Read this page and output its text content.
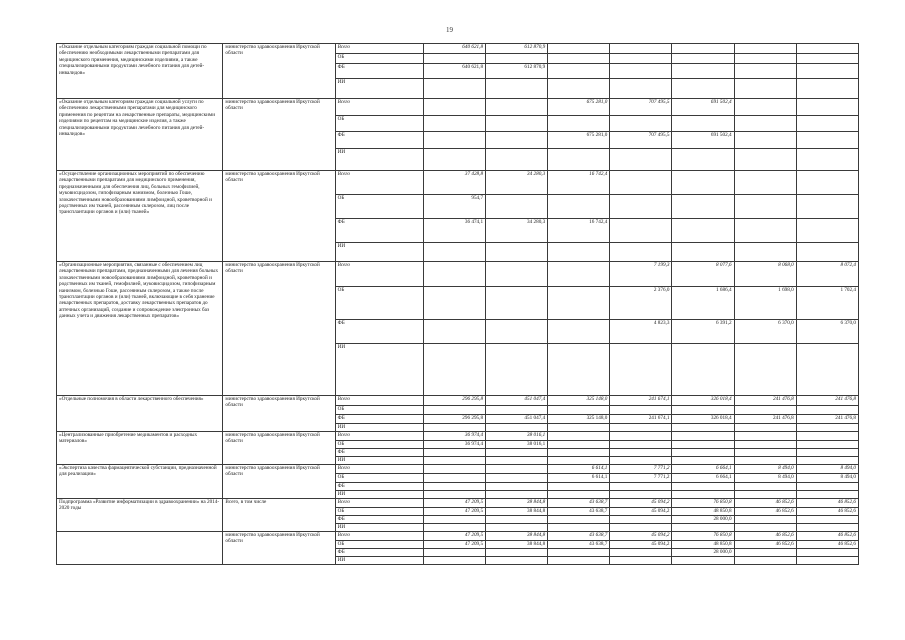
19
«Оказание отдельным категориям граждан социальной помощи по обеспечению необходимыми лекарственными препаратами для медицинского применения, медицинскими изделиями, а также специализированными продуктами лечебного питания для детей-инвалидов»	министерство здравоохранения Иркутской области	Всего	640 621,8	612 870,9					
		ОБ							
		ФБ	640 621,8	612 870,9					
		ИИ							
«Оказание отдельным категориям граждан социальной услуги по обеспечению лекарственными препаратами для медицинского применения по рецептам на лекарственные препараты, медицинскими изделиями по рецептам на медицинские изделия, а также специализированными продуктами лечебного питания для детей-инвалидов»	министерство здравоохранения Иркутской области	Всего			675 281,0	707 495,5	691 502,4		
		ОБ							
		ФБ			675 281,0	707 495,5	691 502,4		
		ИИ							
«Осуществление организационных мероприятий по обеспечению лекарственными препаратами для медицинского применения, предназначенными для обеспечения лиц, больных гемофилией, муковисцидозом, гипофизарным нанизмом, болезнью Гоше, злокачественными новообразованиями лимфоидной, кроветворной и родственных им тканей, рассеянным склерозом, лиц после трансплантации органов и (или) тканей»	министерство здравоохранения Иркутской области	Всего	37 428,8	34 280,3	16 742,4				
		ОБ	954,7						
		ФБ	36 474,1	34 280,3	16 742,4				
		ИИ							
«Организационные мероприятия, связанные с обеспечением лиц лекарственными препаратами, предназначенными для лечения больных злокачественными новообразованиями лимфоидной, кроветворной и родственных им тканей, гемофилией, муковисцидозом, гипофизарным нанизмом, болезнью Гоше, рассеянным склерозом, а также после трансплантации органов и (или) тканей, включающие в себя хранение лекарственных препаратов, доставку лекарственных препаратов до аптечных организаций, создание и сопровождение электронных баз данных учета и движения лекарственных препаратов»	министерство здравоохранения Иркутской области	Всего				7 199,3	8 077,6	8 068,0	8 072,4
		ОБ				2 376,0	1 686,4	1 698,0	1 702,4
		ФБ				4 823,3	6 391,2	6 370,0	6 370,0
		ИИ							
«Отдельные полномочия в области лекарственного обеспечения»	министерство здравоохранения Иркутской области	Всего	296 295,8	451 047,4	325 148,0	241 674,1	326 018,4	241 476,8	241 476,8
		ОБ							
		ФБ	296 295,8	451 047,4	325 148,0	241 674,1	326 018,4	241 476,8	241 476,8
		ИИ							
«Централизованные приобретение медикаментов и расходных материалов»	министерство здравоохранения Иркутской области	Всего	36 974,4	38 016,1					
		ОБ	36 974,4	38 016,1					
		ФБ							
		ИИ							
«Экспертиза качества фармацевтической субстанции, предназначенной для реализации»	министерство здравоохранения Иркутской области	Всего			6 614,1	7 771,2	6 664,1	8 494,0	8 494,0
		ОБ			6 614,1	7 771,2	6 664,1	8 494,0	8 494,0
		ФБ							
		ИИ							
Подпрограмма «Развитие информатизации в здравоохранении» на 2014-2020 годы	Всего, в том числе	Всего	47 209,5	38 844,8	43 638,7	45 094,2	76 850,8	46 852,6	46 852,6
		ОБ	47 209,5	38 844,8	43 638,7	45 094,2	48 850,8	46 852,6	46 852,6
		ФБ					28 000,0		
		ИИ							
	министерство здравоохранения Иркутской области	Всего	47 209,5	38 844,8	43 638,7	45 094,2	76 850,8	46 852,6	46 852,6
		ОБ	47 209,5	38 844,8	43 638,7	45 094,2	48 850,8	46 852,6	46 852,6
		ФБ					28 000,0		
		ИИ							
